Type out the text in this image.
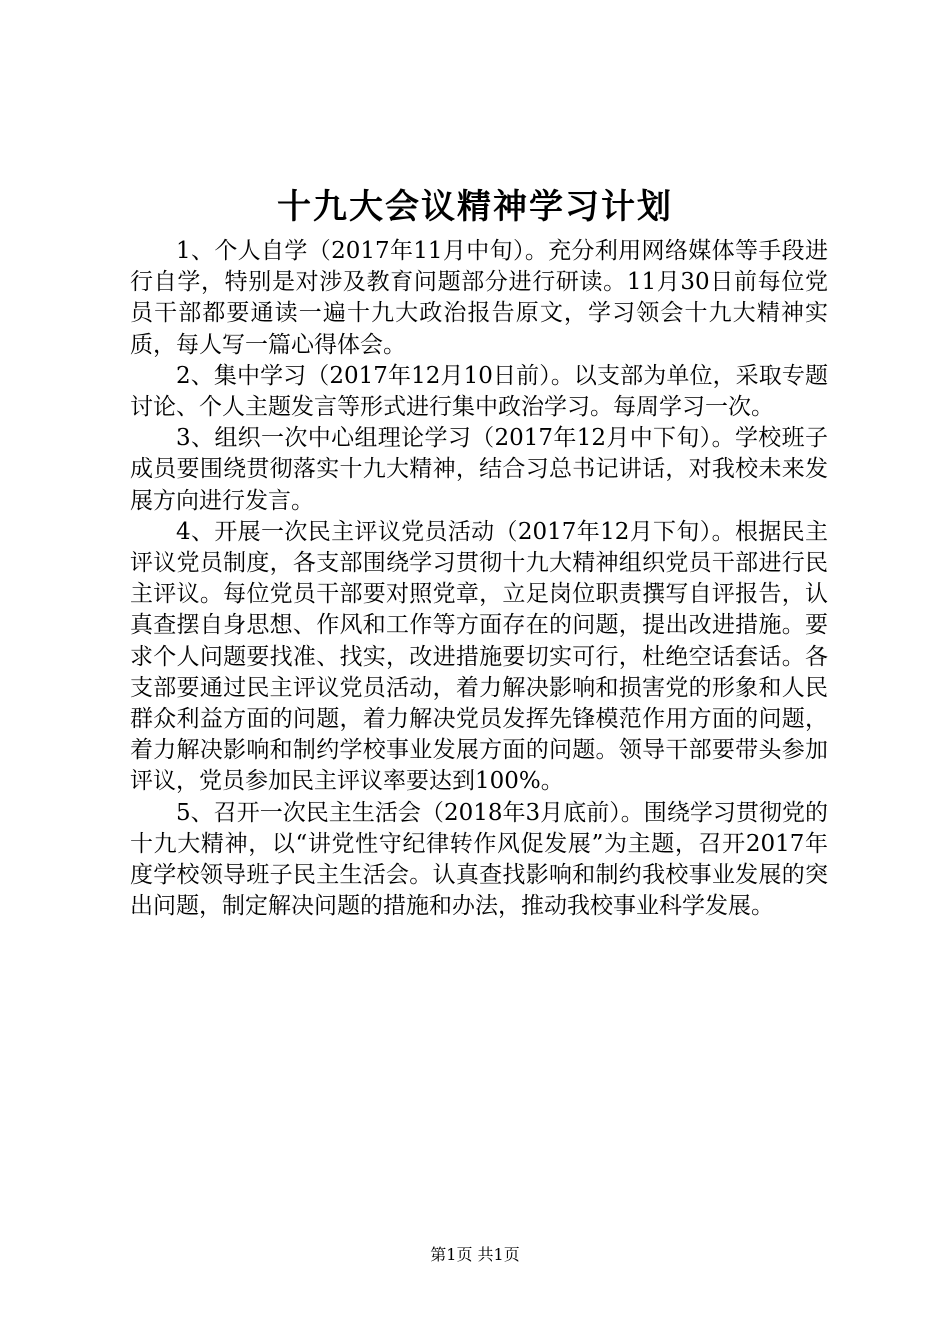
十九大会议精神学习计划

1、个人自学（2017年11月中旬）。充分利用网络媒体等手段进行自学，特别是对涉及教育问题部分进行研读。11月30日前每位党员干部都要通读一遍十九大政治报告原文，学习领会十九大精神实质，每人写一篇心得体会。

2、集中学习（2017年12月10日前）。以支部为单位，采取专题讨论、个人主题发言等形式进行集中政治学习。每周学习一次。

3、组织一次中心组理论学习（2017年12月中下旬）。学校班子成员要围绕贯彻落实十九大精神，结合习总书记讲话，对我校未来发展方向进行发言。

4、开展一次民主评议党员活动（2017年12月下旬）。根据民主评议党员制度，各支部围绕学习贯彻十九大精神组织党员干部进行民主评议。每位党员干部要对照党章，立足岗位职责撰写自评报告，认真查摆自身思想、作风和工作等方面存在的问题，提出改进措施。要求个人问题要找准、找实，改进措施要切实可行，杜绝空话套话。各支部要通过民主评议党员活动，着力解决影响和损害党的形象和人民群众利益方面的问题，着力解决党员发挥先锋模范作用方面的问题，着力解决影响和制约学校事业发展方面的问题。领导干部要带头参加评议，党员参加民主评议率要达到100%。

5、召开一次民主生活会（2018年3月底前）。围绕学习贯彻党的十九大精神，以“讲党性守纪律转作风促发展”为主题，召开2017年度学校领导班子民主生活会。认真查找影响和制约我校事业发展的突出问题，制定解决问题的措施和办法，推动我校事业科学发展。

第1页 共1页
